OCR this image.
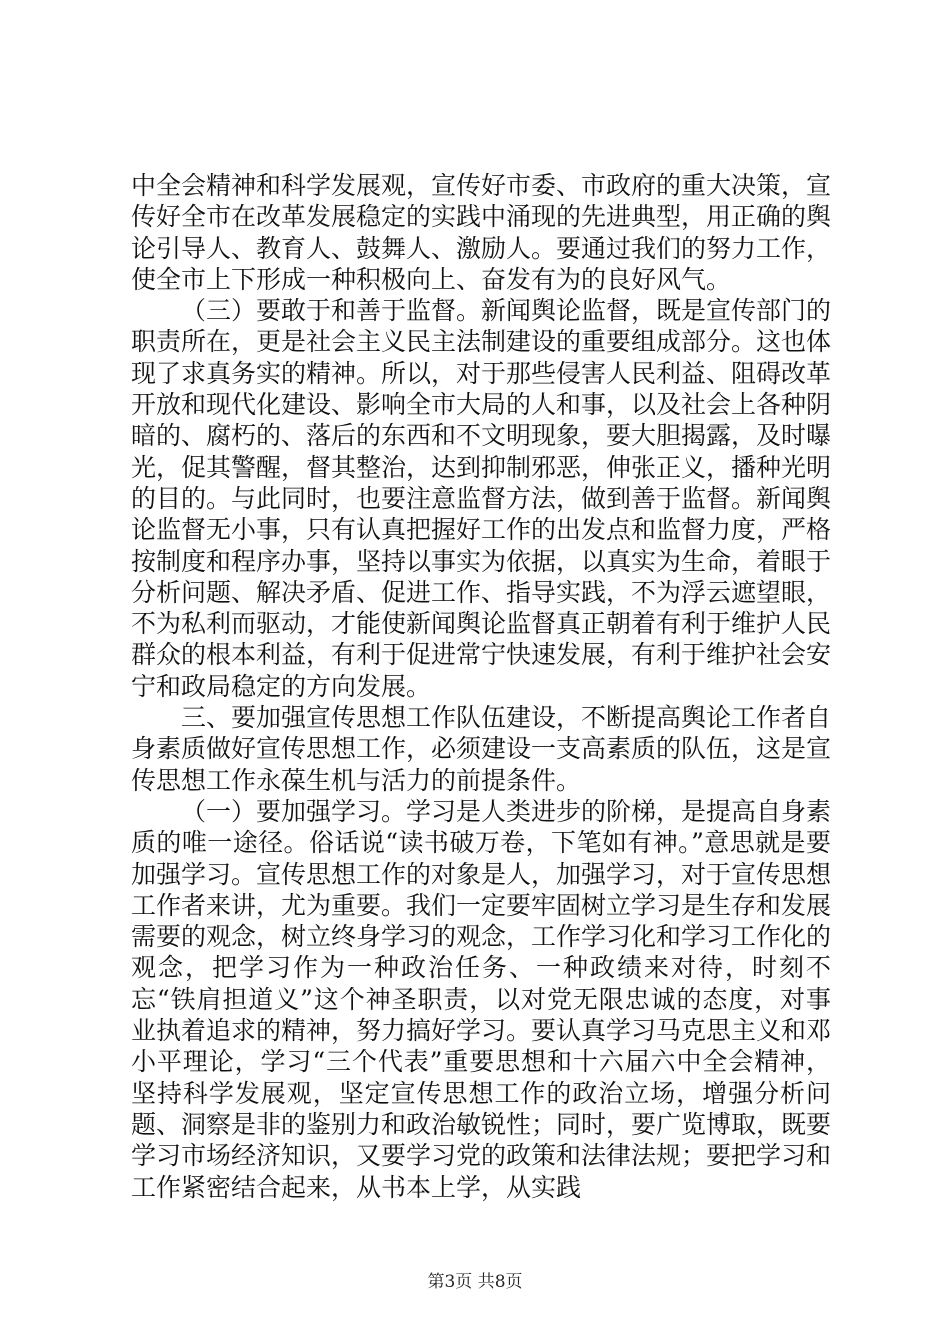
中全会精神和科学发展观，宣传好市委、市政府的重大决策，宣传好全市在改革发展稳定的实践中涌现的先进典型，用正确的舆论引导人、教育人、鼓舞人、激励人。要通过我们的努力工作，使全市上下形成一种积极向上、奋发有为的良好风气。

（三）要敢于和善于监督。新闻舆论监督，既是宣传部门的职责所在，更是社会主义民主法制建设的重要组成部分。这也体现了求真务实的精神。所以，对于那些侵害人民利益、阻碍改革开放和现代化建设、影响全市大局的人和事，以及社会上各种阴暗的、腐朽的、落后的东西和不文明现象，要大胆揭露，及时曝光，促其警醒，督其整治，达到抑制邪恶，伸张正义，播种光明的目的。与此同时，也要注意监督方法，做到善于监督。新闻舆论监督无小事，只有认真把握好工作的出发点和监督力度，严格按制度和程序办事，坚持以事实为依据，以真实为生命，着眼于分析问题、解决矛盾、促进工作、指导实践，不为浮云遮望眼，不为私利而驱动，才能使新闻舆论监督真正朝着有利于维护人民群众的根本利益，有利于促进常宁快速发展，有利于维护社会安宁和政局稳定的方向发展。

三、要加强宣传思想工作队伍建设，不断提高舆论工作者自身素质做好宣传思想工作，必须建设一支高素质的队伍，这是宣传思想工作永葆生机与活力的前提条件。

（一）要加强学习。学习是人类进步的阶梯，是提高自身素质的唯一途径。俗话说“读书破万卷，下笔如有神。”意思就是要加强学习。宣传思想工作的对象是人，加强学习，对于宣传思想工作者来讲，尤为重要。我们一定要牢固树立学习是生存和发展需要的观念，树立终身学习的观念，工作学习化和学习工作化的观念，把学习作为一种政治任务、一种政绩来对待，时刻不忘“铁肩担道义”这个神圣职责，以对党无限忠诚的态度，对事业执着追求的精神，努力搞好学习。要认真学习马克思主义和邓小平理论，学习“三个代表”重要思想和十六届六中全会精神，坚持科学发展观，坚定宣传思想工作的政治立场，增强分析问题、洞察是非的鉴别力和政治敏锐性；同时，要广览博取，既要学习市场经济知识，又要学习党的政策和法律法规；要把学习和工作紧密结合起来，从书本上学，从实践

第3页 共8页
